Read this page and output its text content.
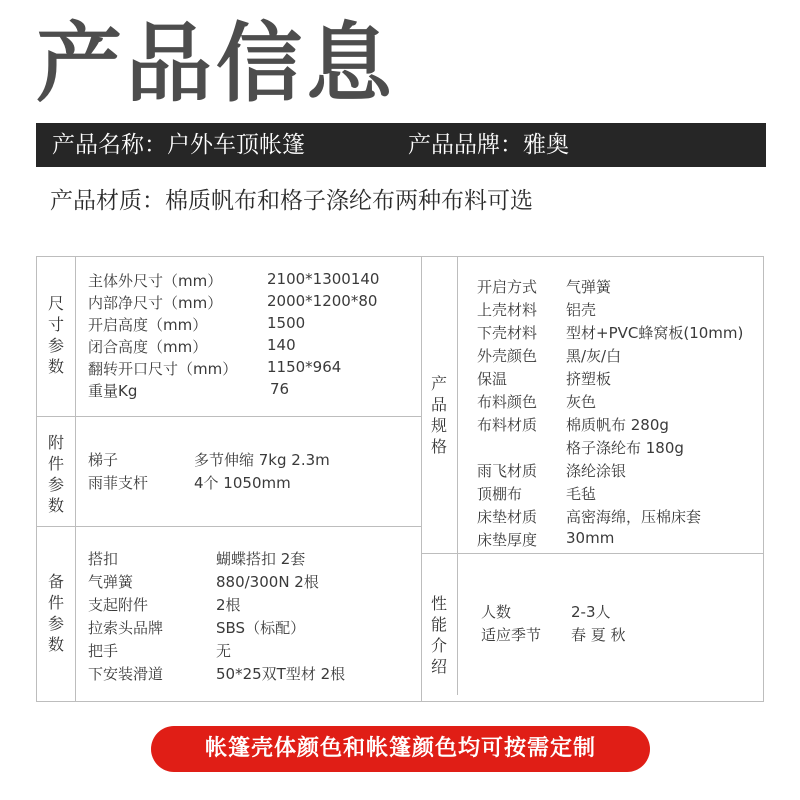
产品信息
产品名称：户外车顶帐篷	产品品牌：雅奥
产品材质：棉质帆布和格子涤纶布两种布料可选
尺
寸
参
数
附
件
参
数
备
件
参
数
产
品
规
格
性
能
介
绍
主体外尺寸（mm）	2100*1300140
内部净尺寸（mm）	2000*1200*80
开启高度（mm）	1500
闭合高度（mm）	140
翻转开口尺寸（mm） 1150*964
重量Kg	76
梯子	多节伸缩 7kg 2.3m
雨菲支杆	4个 1050mm
搭扣	蝴蝶搭扣 2套
气弹簧	880/300N 2根
支起附件	2根
拉索头品牌	SBS（标配）
把手	无
下安装滑道	50*25双T型材 2根
开启方式 气弹簧
上壳材料 铝壳
下壳材料 型材+PVC蜂窝板(10mm)
外壳颜色 黑/灰/白
保温	挤塑板
布料颜色 灰色
布料材质 棉质帆布 280g
格子涤纶布 180g
雨飞材质 涤纶涂银
顶棚布	毛毡
床垫材质 高密海绵，压棉床套
床垫厚度 30mm
人数	2-3人
适应季节 春 夏 秋
帐篷壳体颜色和帐篷颜色均可按需定制
